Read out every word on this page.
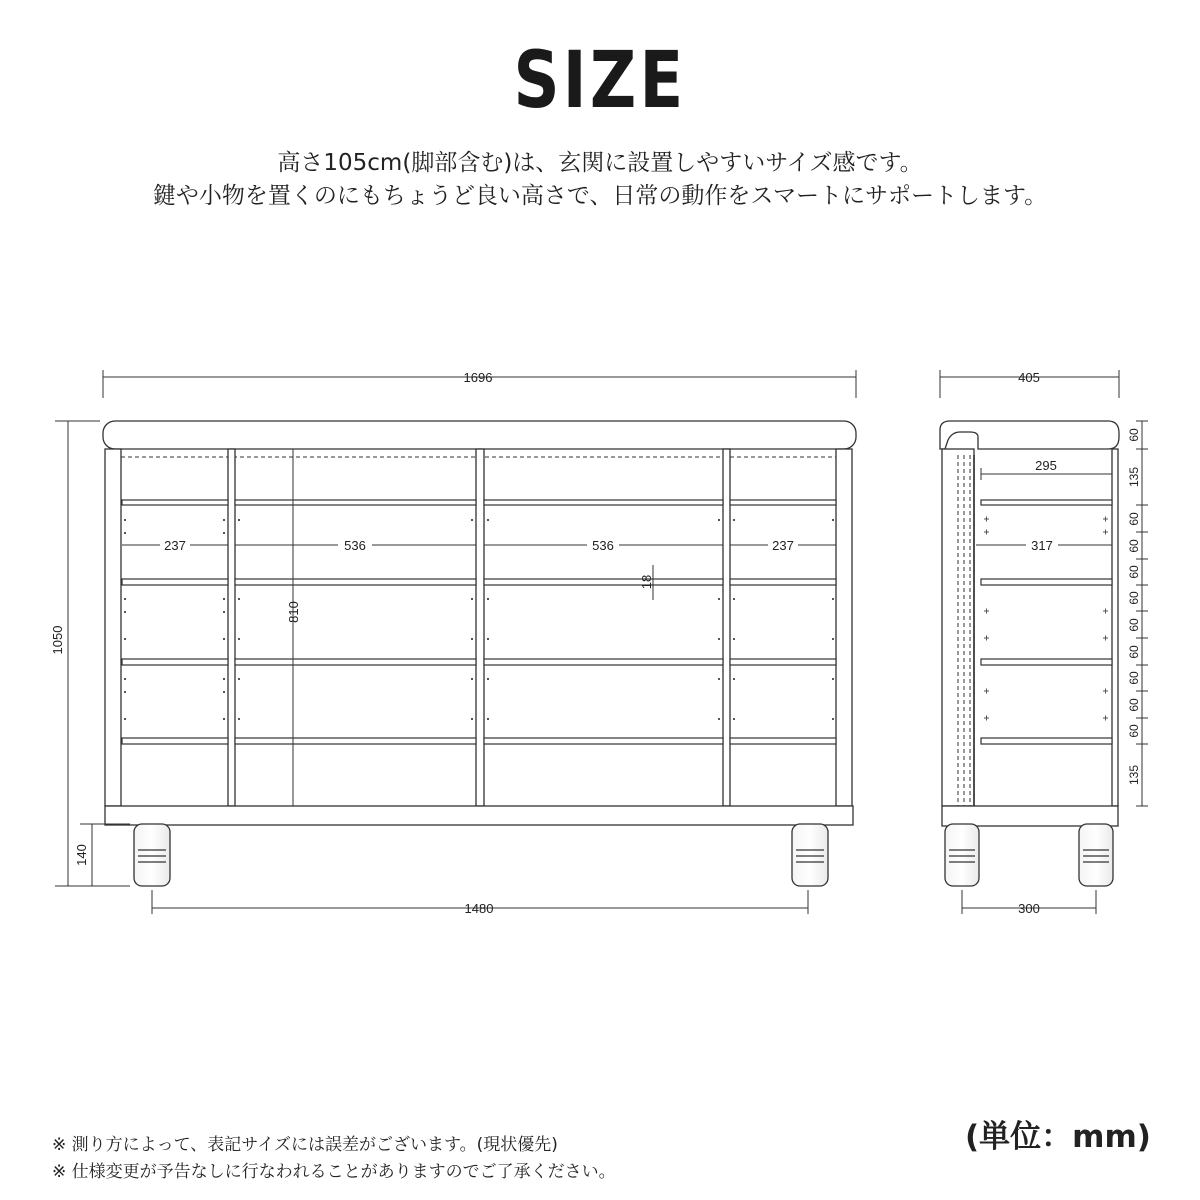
SIZE
高さ105cm(脚部含む)は、玄関に設置しやすいサイズ感です。
鍵や小物を置くのにもちょうど良い高さで、日常の動作をスマートにサポートします。
1696
1050
140
1480
237	536	536	237
810
18
405
300
295
317
60
135
60
60
60
60
60
60
60
60
60
135
※ 測り方によって、表記サイズには誤差がございます。(現状優先)
※ 仕様変更が予告なしに行なわれることがありますのでご了承ください。
(単位：mm)
